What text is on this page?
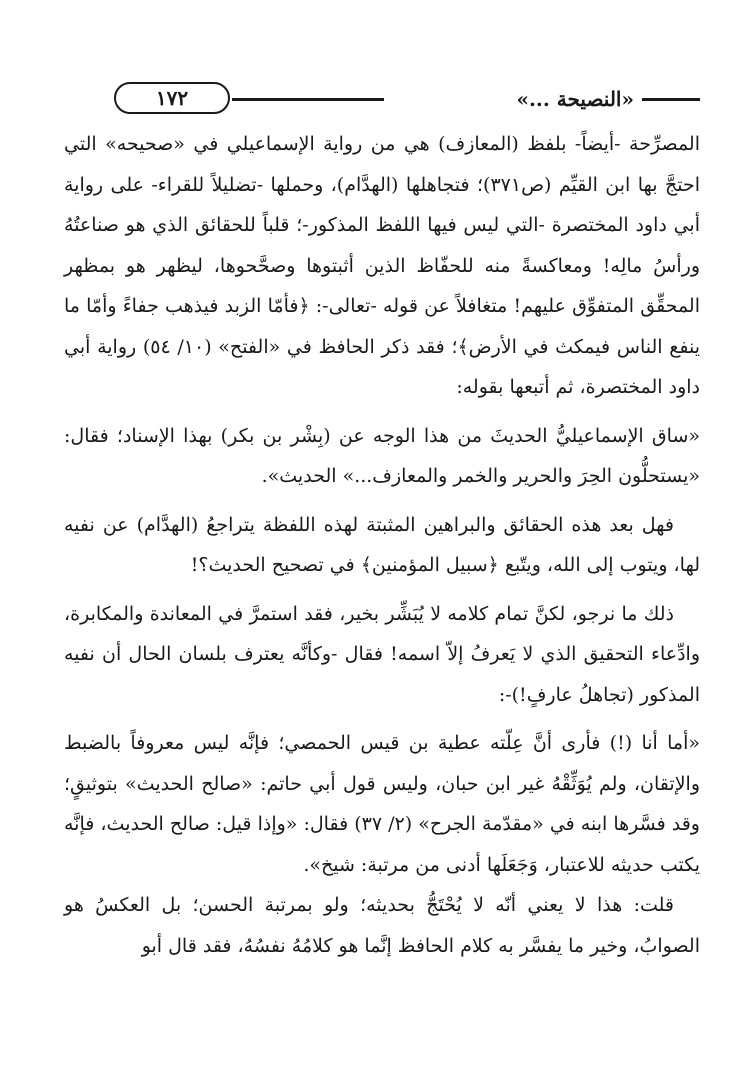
«النصيحة ...»
١٧٢

المصرِّحة -أيضاً- بلفظ (المعازف) هي من رواية الإسماعيلي في «صحيحه» التي احتجَّ بها ابن القيِّم (ص٣٧١)؛ فتجاهلها (الهدَّام)، وحملها -تضليلاً للقراء- على رواية أبي داود المختصرة -التي ليس فيها اللفظ المذكور-؛ قلباً للحقائق الذي هو صناعتُهُ ورأسُ مالِه! ومعاكسةً منه للحفّاظ الذين أثبتوها وصحَّحوها، ليظهر هو بمظهر المحقِّق المتفوِّق عليهم! متغافلاً عن قوله -تعالى-: ﴿فأمّا الزبد فيذهب جفاءً وأمّا ما ينفع الناس فيمكث في الأرض﴾؛ فقد ذكر الحافظ في «الفتح» (١٠/ ٥٤) رواية أبي داود المختصرة، ثم أتبعها بقوله:

«ساق الإسماعيليُّ الحديثَ من هذا الوجه عن (بِشْر بن بكر) بهذا الإسناد؛ فقال: «يستحلُّون الحِرَ والحرير والخمر والمعازف...» الحديث».

فهل بعد هذه الحقائق والبراهين المثبتة لهذه اللفظة يتراجعُ (الهدَّام) عن نفيه لها، ويتوب إلى الله، ويتّبع ﴿سبيل المؤمنين﴾ في تصحيح الحديث؟!

ذلك ما نرجو، لكنَّ تمام كلامه لا يُبَشِّر بخير، فقد استمرَّ في المعاندة والمكابرة، وادِّعاء التحقيق الذي لا يَعرفُ إلاّ اسمه! فقال -وكأنَّه يعترف بلسان الحال أن نفيه المذكور (تجاهلُ عارفٍ!)-:

«أما أنا (!) فأرى أنَّ عِلّته عطية بن قيس الحمصي؛ فإنَّه ليس معروفاً بالضبط والإتقان، ولم يُوَثِّقْهُ غير ابن حبان، وليس قول أبي حاتم: «صالح الحديث» بتوثيقٍ؛ وقد فسَّرها ابنه في «مقدّمة الجرح» (٢/ ٣٧) فقال: «وإذا قيل: صالح الحديث، فإنَّه يكتب حديثه للاعتبار، وَجَعَلَها أدنى من مرتبة: شيخ».

قلت: هذا لا يعني أنّه لا يُحْتَجُّ بحديثه؛ ولو بمرتبة الحسن؛ بل العكسُ هو الصوابُ، وخير ما يفسَّر به كلام الحافظ إنَّما هو كلامُهُ نفسُهُ، فقد قال أبو
